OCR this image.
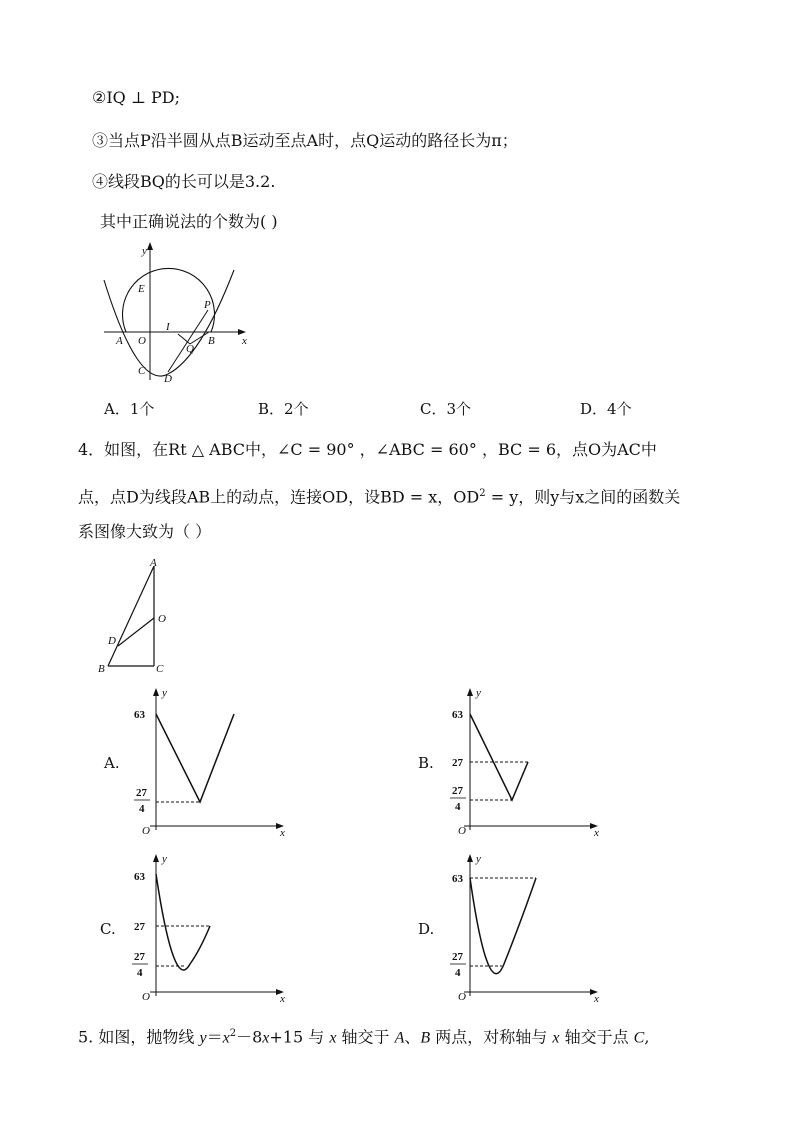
②IQ ⊥ PD;
③当点P沿半圆从点B运动至点A时，点Q运动的路径长为π；
④线段BQ的长可以是3.2.
其中正确说法的个数为( )
y
x
E
P
I
A O	B
Q
C
D
A．1个	B．2个	C．3个	D．4个
4．如图，在Rt △ ABC中，∠C = 90° ，∠ABC = 60° ，BC = 6，点O为AC中
点，点D为线段AB上的动点，连接OD，设BD = x，$OD^2 = y$，则y与x之间的函数关
系图像大致为（ ）
A
O
D
B	C
A.	B.
C.	D.
y
63
27
4
O	x
y
63
27
27
4
O	x
y
63
27
27
4
O	x
y
63
27
4
O	x
5. 如图，抛物线 $y=x^2-8x+15$ 与 x 轴交于 A、B 两点，对称轴与 x 轴交于点 C,
